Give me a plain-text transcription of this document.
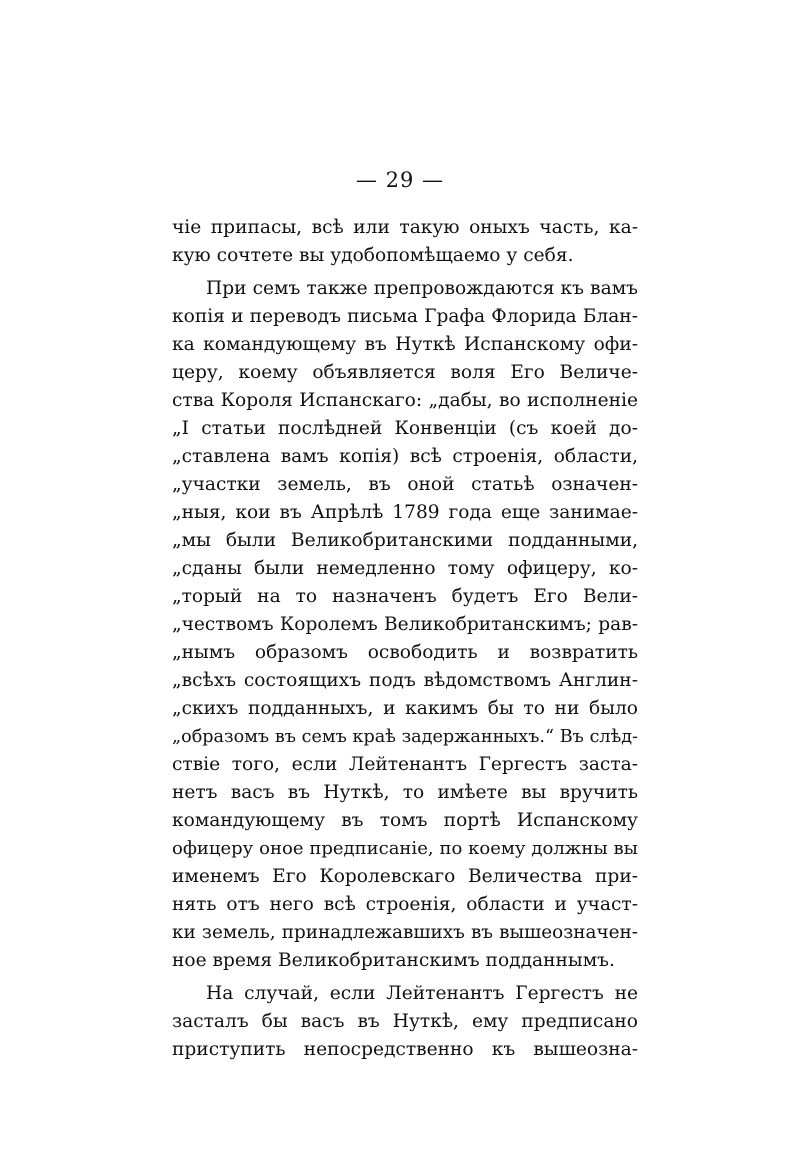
— 29 —
чіе припасы, всѣ или такую оныхъ часть, ка-
кую сочтете вы удобопомѣщаемо у себя.
При семъ также препровождаются къ вамъ
копія и переводъ письма Графа Флорида Блан-
ка командующему въ Нуткѣ Испанскому офи-
церу, коему объявляется воля Его Величе-
ства Короля Испанскаго: „дабы, во исполненіе
„I статьи послѣдней Конвенціи (съ коей до-
„ставлена вамъ копія) всѣ строенія, области,
„участки земель, въ оной статьѣ означен-
„ныя, кои въ Апрѣлѣ 1789 года еще занимае-
„мы были Великобританскими подданными,
„сданы были немедленно тому офицеру, ко-
„торый на то назначенъ будетъ Его Вели-
„чествомъ Королемъ Великобританскимъ; рав-
„нымъ образомъ освободить и возвратить
„всѣхъ состоящихъ подъ вѣдомствомъ Англин-
„скихъ подданныхъ, и какимъ бы то ни было
„образомъ въ семъ краѣ задержанныхъ.“ Въ слѣд-
ствіе того, если Лейтенантъ Гергестъ заста-
нетъ васъ въ Нуткѣ, то имѣете вы вручить
командующему въ томъ портѣ Испанскому
офицеру оное предписаніе, по коему должны вы
именемъ Его Королевскаго Величества при-
нять отъ него всѣ строенія, области и участ-
ки земель, принадлежавшихъ въ вышеозначен-
ное время Великобританскимъ подданнымъ.
На случай, если Лейтенантъ Гергестъ не
засталъ бы васъ въ Нуткѣ, ему предписано
приступить непосредственно къ вышеозна-
